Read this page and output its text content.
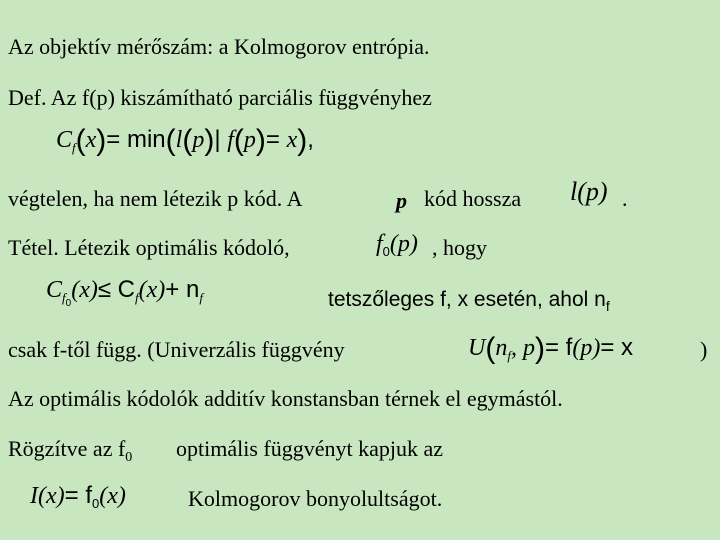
Az objektív mérőszám: a Kolmogorov entrópia.
Def. Az f(p) kiszámítható parciális függvényhez
$C_f(x)= \min(l(p)|$ f(p)= x),
végtelen, ha nem létezik p kód. A	p kód hossza l(p) .
Tétel. Létezik optimális kódoló,	$f_0(p)$ , hogy
$C_{f0}(x)\le C_f(x)+ n_f$	tetszőleges f, x esetén, ahol $n_f$
csak f-től függ. (Univerzális függvény	$U(n_f$, p)= f(p)= x	)
Az optimális kódolók additív konstansban térnek el egymástól.
Rögzítve az $f_0$ optimális függvényt kapjuk az
$I(x)= f_0(x)$	Kolmogorov bonyolultságot.
